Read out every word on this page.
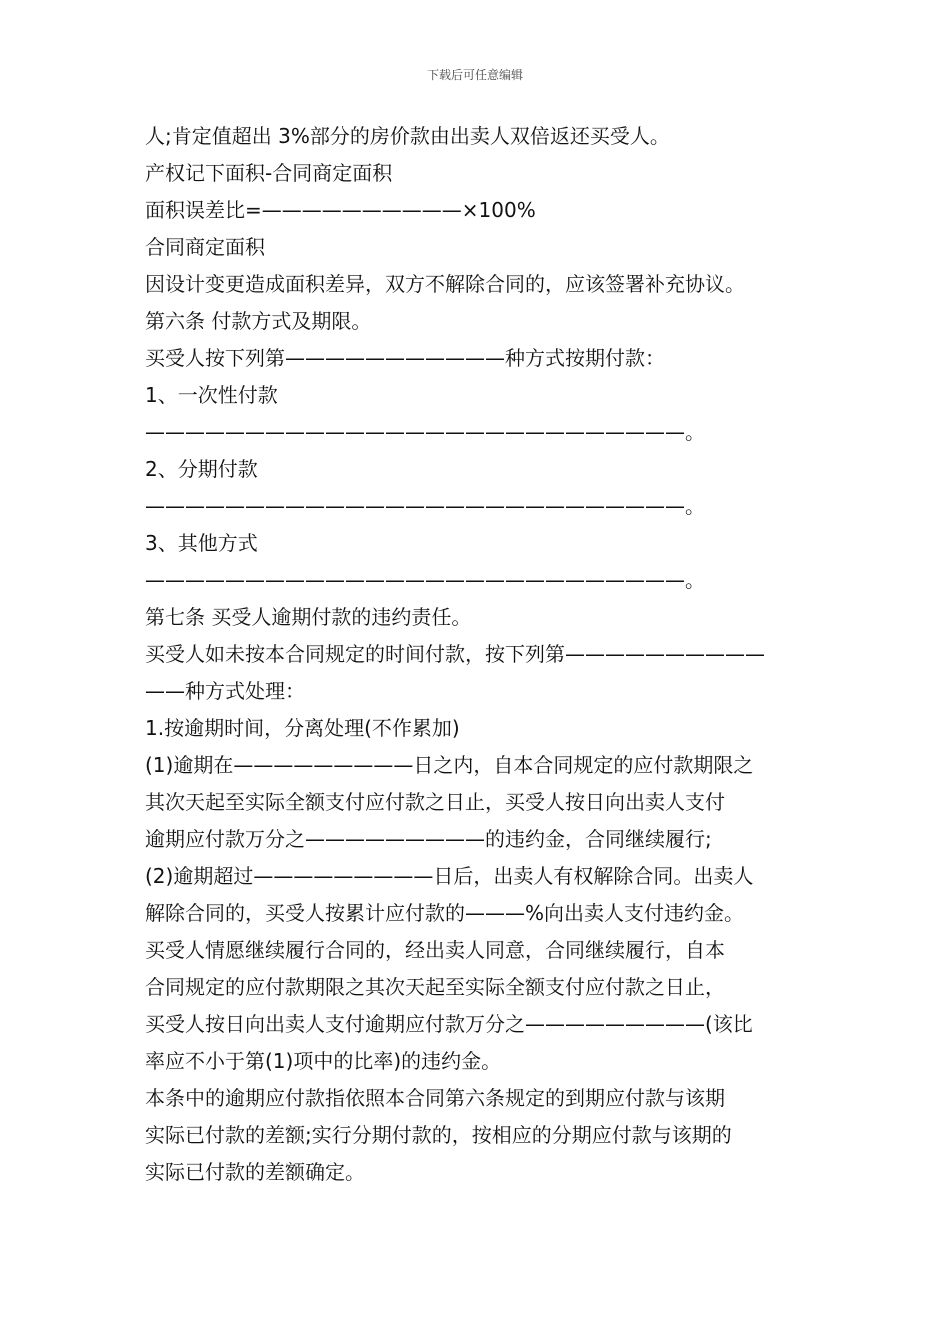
下载后可任意编辑
人;肯定值超出 3%部分的房价款由出卖人双倍返还买受人。
产权记下面积-合同商定面积
面积误差比=——————————×100%
合同商定面积
因设计变更造成面积差异，双方不解除合同的，应该签署补充协议。
第六条 付款方式及期限。
买受人按下列第———————————种方式按期付款：
1、一次性付款
———————————————————————————。
2、分期付款
———————————————————————————。
3、其他方式
———————————————————————————。
第七条 买受人逾期付款的违约责任。
买受人如未按本合同规定的时间付款，按下列第——————————
——种方式处理：
1.按逾期时间，分离处理(不作累加)
(1)逾期在—————————日之内，自本合同规定的应付款期限之
其次天起至实际全额支付应付款之日止，买受人按日向出卖人支付
逾期应付款万分之—————————的违约金，合同继续履行;
(2)逾期超过—————————日后，出卖人有权解除合同。出卖人
解除合同的，买受人按累计应付款的———%向出卖人支付违约金。
买受人情愿继续履行合同的，经出卖人同意，合同继续履行，自本
合同规定的应付款期限之其次天起至实际全额支付应付款之日止，
买受人按日向出卖人支付逾期应付款万分之—————————(该比
率应不小于第(1)项中的比率)的违约金。
本条中的逾期应付款指依照本合同第六条规定的到期应付款与该期
实际已付款的差额;实行分期付款的，按相应的分期应付款与该期的
实际已付款的差额确定。
